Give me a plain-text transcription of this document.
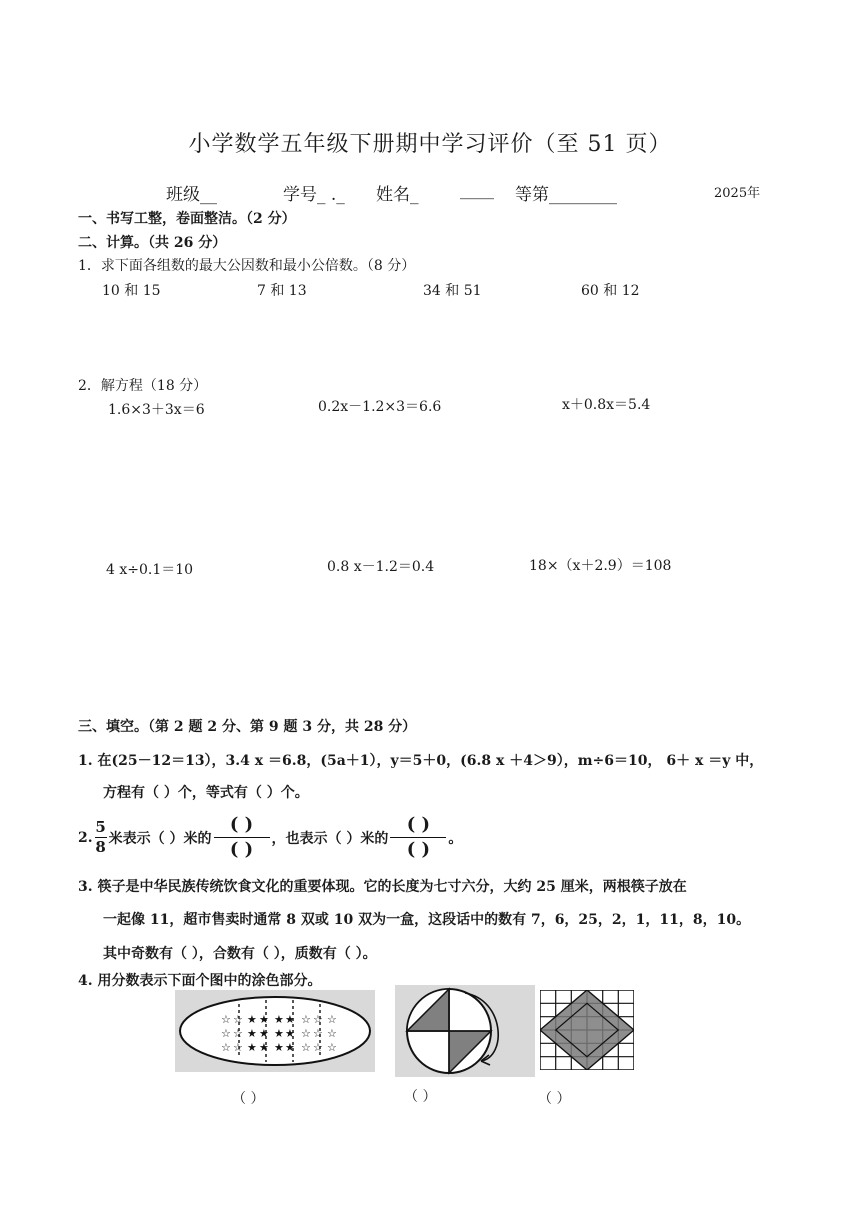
小学数学五年级下册期中学习评价（至 51 页）
班级__	学号_ ._ 姓名_ ____ 等第________	2025年
一、书写工整，卷面整洁。（2 分）
二、计算。（共 26 分）
1．求下面各组数的最大公因数和最小公倍数。（8 分）
10 和 15	7 和 13	34 和 51	60 和 12
2．解方程（18 分）
1.6×3＋3x＝6	0.2x－1.2×3＝6.6	x＋0.8x＝5.4
4 x÷0.1＝10	0.8 x－1.2＝0.4	18×（x＋2.9）＝108
三、填空。（第 2 题 2 分、第 9 题 3 分，共 28 分）
1. 在(25－12＝13），3.4 x ＝6.8，(5a＋1），y＝5＋0，(6.8 x ＋4＞9），m÷6＝10， 6＋ x ＝y 中，
方程有（ ）个，等式有（ ）个。
2. $\frac{5}{8}$ 米表示（ ）米的 $\frac{( )}{( )}$ ，也表示（ ）米的 $\frac{( )}{( )}$ 。
3. 筷子是中华民族传统饮食文化的重要体现。它的长度为七寸六分，大约 25 厘米，两根筷子放在
一起像 11，超市售卖时通常 8 双或 10 双为一盒，这段话中的数有 7，6，25，2，1，11，8，10。
其中奇数有（ ），合数有（ ），质数有（ ）。
4. 用分数表示下面个图中的涂色部分。
☆
☆
☆
★
★
★
★
★
★
☆
☆
☆
☆
☆
☆
☆
☆
☆
★
★
★
★
★
★
☆
☆
☆
（ ）	（ ）	（ ）
